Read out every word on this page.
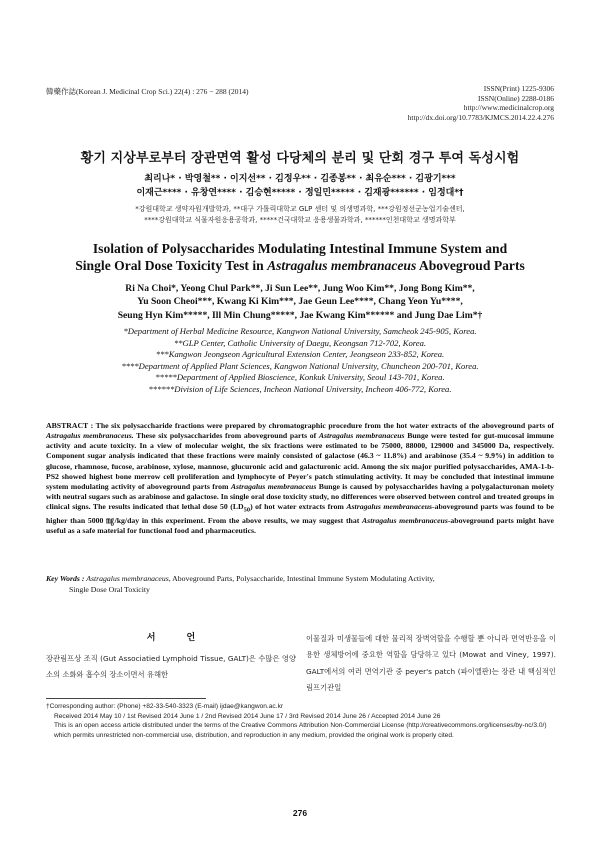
韓藥作誌(Korean J. Medicinal Crop Sci.) 22(4) : 276 − 288 (2014)	ISSN(Print) 1225-9306
ISSN(Online) 2288-0186
http://www.medicinalcrop.org
http://dx.doi.org/10.7783/KJMCS.2014.22.4.276
황기 지상부로부터 장관면역 활성 다당체의 분리 및 단회 경구 투여 독성시험
최리나* · 박영철** · 이지선** · 김정우** · 김종봉** · 최유순*** · 김광기***
이재근**** · 유창연**** · 김승현***** · 정일민***** · 김재광****** · 임정대*†
*강원대학교 생약자원개발학과, **대구 가톨릭대학교 GLP 센터 및 의생명과학, ***강원정선군농업기술센터,
****강원대학교 식물자원응용공학과, *****건국대학교 응용생물과학과, ******인천대학교 생명과학부
Isolation of Polysaccharides Modulating Intestinal Immune System and
Single Oral Dose Toxicity Test in Astragalus membranaceus Abovegroud Parts
Ri Na Choi*, Yeong Chul Park**, Ji Sun Lee**, Jung Woo Kim**, Jong Bong Kim**,
Yu Soon Cheoi***, Kwang Ki Kim***, Jae Geun Lee****, Chang Yeon Yu****,
Seung Hyn Kim*****, Ill Min Chung*****, Jae Kwang Kim****** and Jung Dae Lim*†
*Department of Herbal Medicine Resource, Kangwon National University, Samcheok 245-905, Korea.
**GLP Center, Catholic University of Daegu, Keongsan 712-702, Korea.
***Kangwon Jeongseon Agricultural Extension Center, Jeongseon 233-852, Korea.
****Department of Applied Plant Sciences, Kangwon National University, Chuncheon 200-701, Korea.
*****Department of Applied Bioscience, Konkuk University, Seoul 143-701, Korea.
******Division of Life Sciences, Incheon National University, Incheon 406-772, Korea.

ABSTRACT : The six polysaccharide fractions were prepared by chromatographic procedure from the hot water extracts of the aboveground parts of Astragalus membranaceus. These six polysaccharides from aboveground parts of Astragalus membranaceus Bunge were tested for gut-mucosal immune activity and acute toxicity. In a view of molecular weight, the six fractions were estimated to be 75000, 88000, 129000 and 345000 Da, respectively. Component sugar analysis indicated that these fractions were mainly consisted of galactose (46.3 ~ 11.8%) and arabinose (35.4 ~ 9.9%) in addition to glucose, rhamnose, fucose, arabinose, xylose, mannose, glucuronic acid and galacturonic acid. Among the six major purified polysaccharides, AMA-1-b-PS2 showed highest bone merrow cell proliferation and lymphocyte of Peyer's patch stimulating activity. It may be concluded that intestinal immune system modulating activity of aboveground parts from Astragalus membranaceus Bunge is caused by polysaccharides having a polygalacturonan moiety with neutral sugars such as arabinose and galactose. In single oral dose toxicity study, no differences were observed between control and treated groups in clinical signs. The results indicated that lethal dose 50 $(LD_{50})$ of hot water extracts from Astragalus membranaceus-aboveground parts was found to be higher than 5000 ㎎/kg/day in this experiment. From the above results, we may suggest that Astragalus membranaceus-aboveground parts might have useful as a safe material for functional food and pharmaceutics.

Key Words : Astragalus membranaceus, Aboveground Parts, Polysaccharide, Intestinal Immune System Modulating Activity,
Single Dose Oral Toxicity
서 언
장관림프상 조직 (Gut Associatied Lymphoid Tissue, GALT)은 수많은 영양소의 소화와 흡수의 장소이면서 유해한
이물질과 미생물들에 대한 물리적 장벽역할을 수행할 뿐 아니라 면역반응을 이용한 생체방어에 중요한 역할을 담당하고 있다 (Mowat and Viney, 1997). GALT에서의 여러 면역기관 중 peyer's patch (파이엘판)는 장관 내 핵심적인 림프기관일
†Corresponding author: (Phone) +82-33-540-3323 (E-mail) ijdae@kangwon.ac.kr
Received 2014 May 10 / 1st Revised 2014 June 1 / 2nd Revised 2014 June 17 / 3rd Revised 2014 June 26 / Accepted 2014 June 26
This is an open access article distributed under the terms of the Creative Commons Attribution Non-Commercial License (http://creativecommons.org/licenses/by-nc/3.0/) which permits unrestricted non-commercial use, distribution, and reproduction in any medium, provided the original work is properly cited.
276
